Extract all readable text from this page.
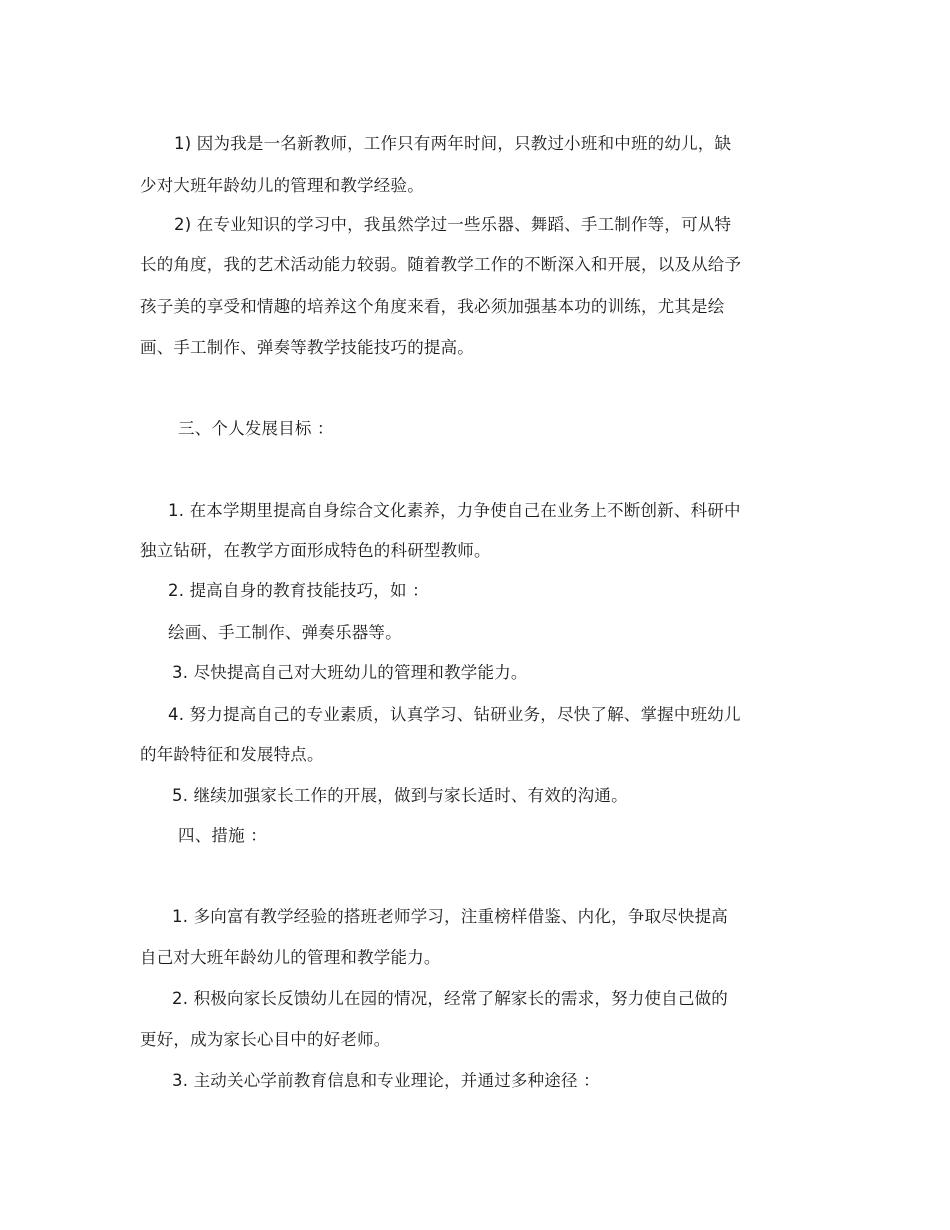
1) 因为我是一名新教师，工作只有两年时间，只教过小班和中班的幼儿，缺
少对大班年龄幼儿的管理和教学经验。
2) 在专业知识的学习中，我虽然学过一些乐器、舞蹈、手工制作等，可从特
长的角度，我的艺术活动能力较弱。随着教学工作的不断深入和开展，以及从给予
孩子美的享受和情趣的培养这个角度来看，我必须加强基本功的训练，尤其是绘
画、手工制作、弹奏等教学技能技巧的提高。
三、个人发展目标 ：
1. 在本学期里提高自身综合文化素养，力争使自己在业务上不断创新、科研中
独立钻研，在教学方面形成特色的科研型教师。
2. 提高自身的教育技能技巧，如 ：
绘画、手工制作、弹奏乐器等。
3. 尽快提高自己对大班幼儿的管理和教学能力。
4. 努力提高自己的专业素质，认真学习、钻研业务，尽快了解、掌握中班幼儿
的年龄特征和发展特点。
5. 继续加强家长工作的开展，做到与家长适时、有效的沟通。
四、措施 ：
1. 多向富有教学经验的搭班老师学习，注重榜样借鉴、内化，争取尽快提高
自己对大班年龄幼儿的管理和教学能力。
2. 积极向家长反馈幼儿在园的情况，经常了解家长的需求，努力使自己做的
更好，成为家长心目中的好老师。
3. 主动关心学前教育信息和专业理论，并通过多种途径 ：
